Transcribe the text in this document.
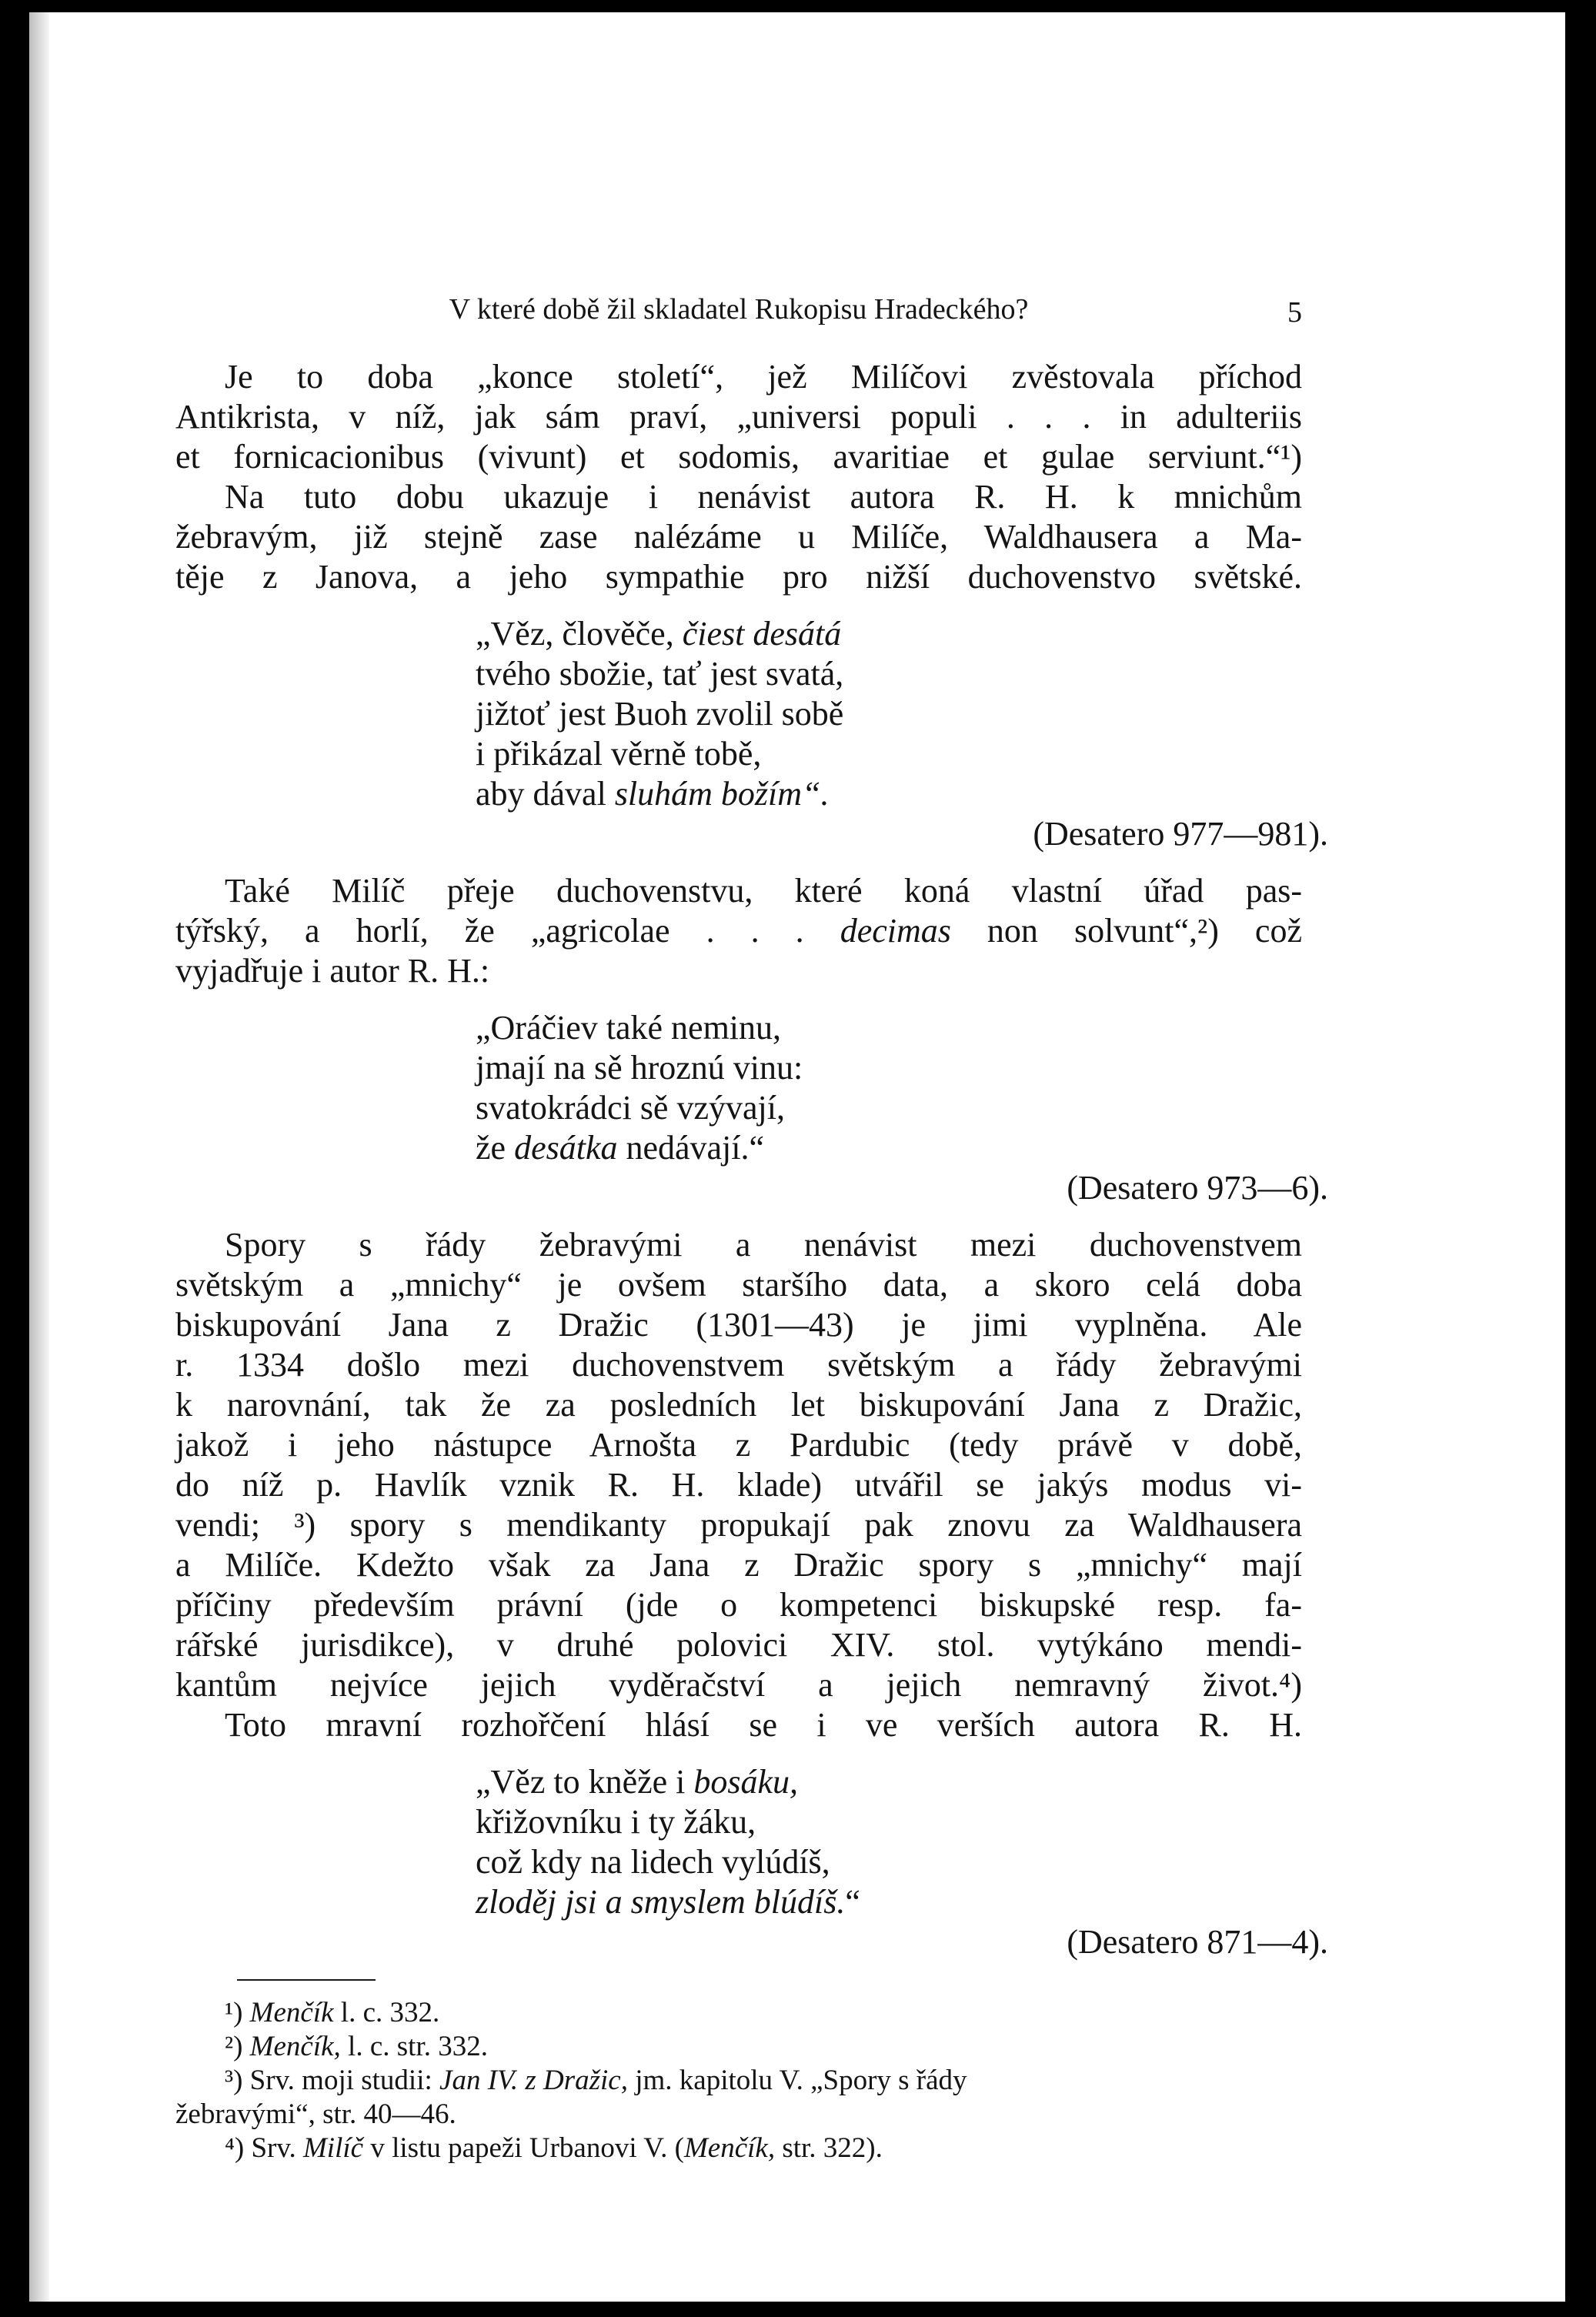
V které době žil skladatel Rukopisu Hradeckého?	5

Je to doba „konce století“, jež Milíčovi zvěstovala příchod

Antikrista, v níž, jak sám praví, „universi populi . . . in adulteriis

et fornicacionibus (vivunt) et sodomis, avaritiae et gulae serviunt.“¹)

Na tuto dobu ukazuje i nenávist autora R. H. k mnichům

žebravým, již stejně zase nalézáme u Milíče, Waldhausera a Ma-

těje z Janova, a jeho sympathie pro nižší duchovenstvo světské.

„Věz, člověče, čiest desátá
tvého sbožie, tať jest svatá,
jižtoť jest Buoh zvolil sobě
i přikázal věrně tobě,
aby dával sluhám božím“.
(Desatero 977—981).

Také Milíč přeje duchovenstvu, které koná vlastní úřad pas-

týřský, a horlí, že „agricolae . . . decimas non solvunt“,²) což

vyjadřuje i autor R. H.:

„Oráčiev také neminu,
jmají na sě hroznú vinu:
svatokrádci sě vzývají,
že desátka nedávají.“
(Desatero 973—6).

Spory s řády žebravými a nenávist mezi duchovenstvem

světským a „mnichy“ je ovšem staršího data, a skoro celá doba

biskupování Jana z Dražic (1301—43) je jimi vyplněna. Ale

r. 1334 došlo mezi duchovenstvem světským a řády žebravými

k narovnání, tak že za posledních let biskupování Jana z Dražic,

jakož i jeho nástupce Arnošta z Pardubic (tedy právě v době,

do níž p. Havlík vznik R. H. klade) utvářil se jakýs modus vi-

vendi; ³) spory s mendikanty propukají pak znovu za Waldhausera

a Milíče. Kdežto však za Jana z Dražic spory s „mnichy“ mají

příčiny především právní (jde o kompetenci biskupské resp. fa-

rářské jurisdikce), v druhé polovici XIV. stol. vytýkáno mendi-

kantům nejvíce jejich vyděračství a jejich nemravný život.⁴)

Toto mravní rozhořčení hlásí se i ve verších autora R. H.

„Věz to kněže i bosáku,
křižovníku i ty žáku,
což kdy na lidech vylúdíš,
zloděj jsi a smyslem blúdíš.“
(Desatero 871—4).

¹) Menčík l. c. 332.

²) Menčík, l. c. str. 332.

³) Srv. moji studii: Jan IV. z Dražic, jm. kapitolu V. „Spory s řády

žebravými“, str. 40—46.

⁴) Srv. Milíč v listu papeži Urbanovi V. (Menčík, str. 322).
